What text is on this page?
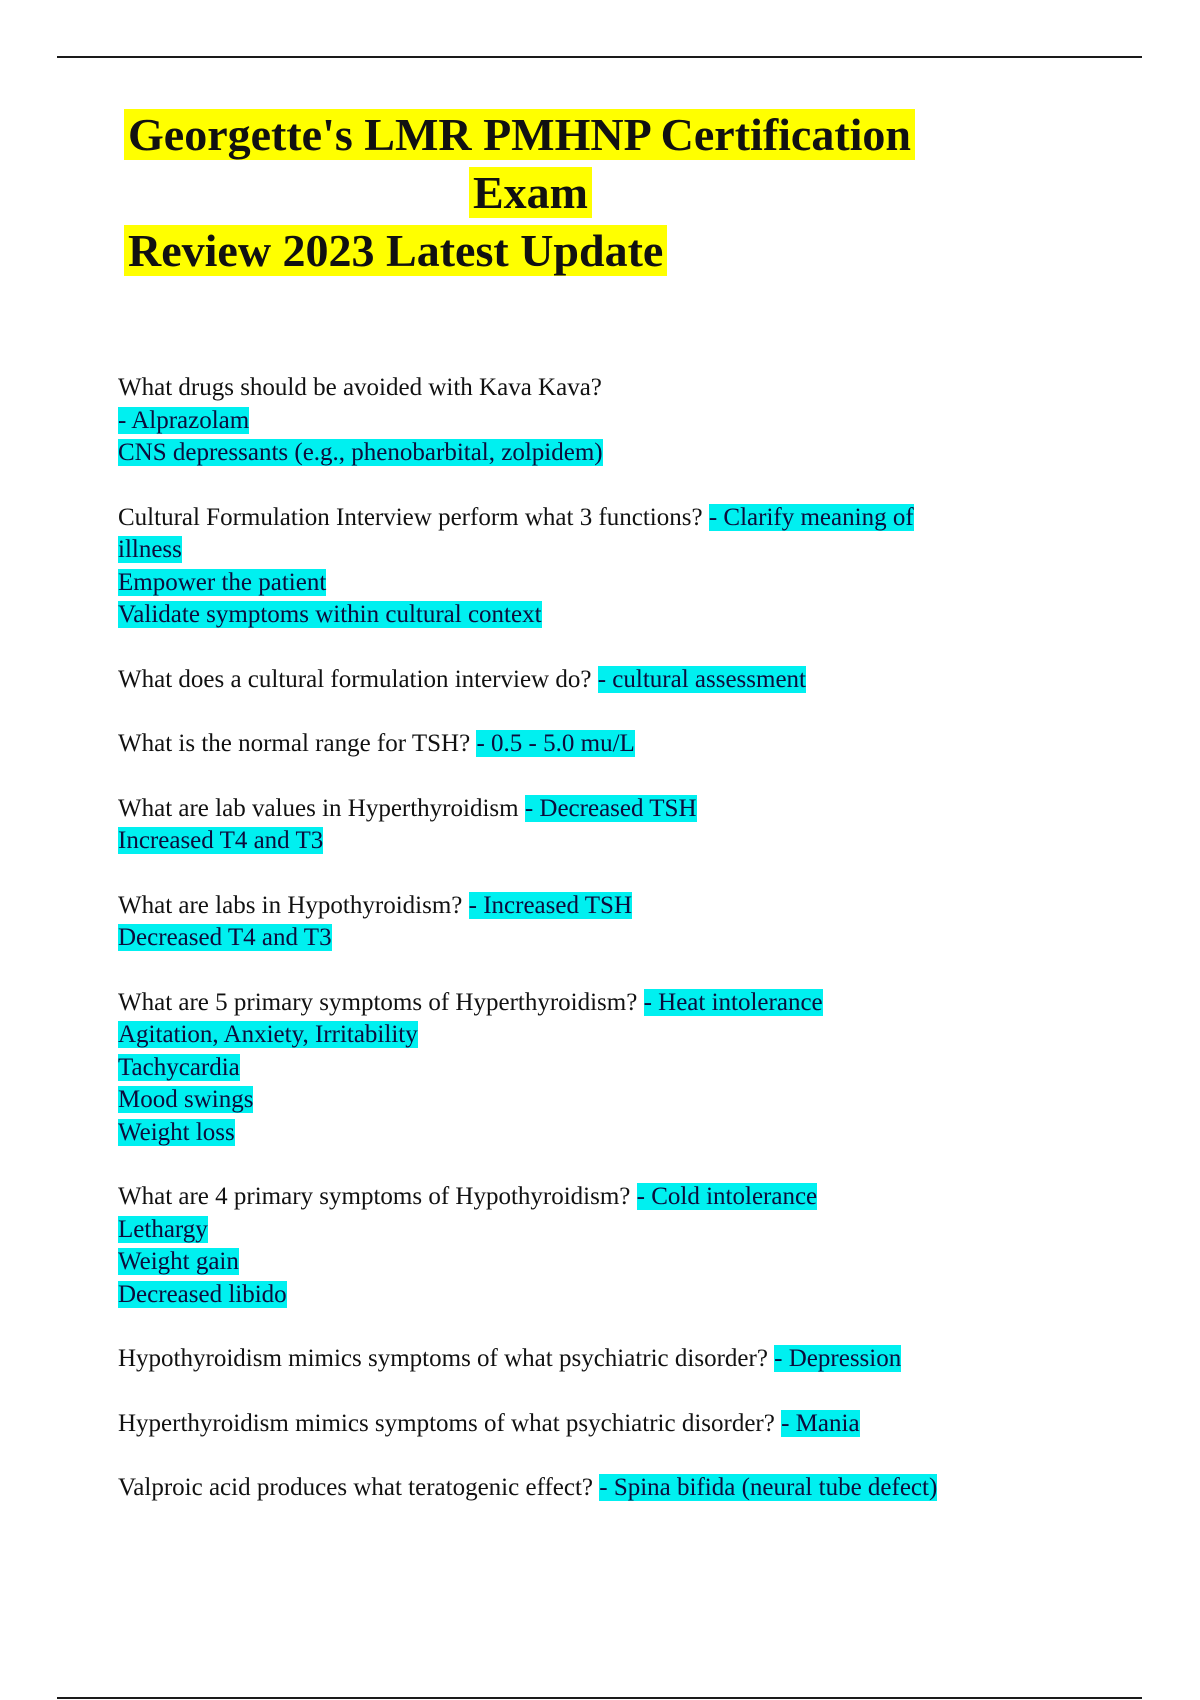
Georgette's LMR PMHNP Certification
Exam
Review 2023 Latest Update
What drugs should be avoided with Kava Kava?
- Alprazolam
CNS depressants (e.g., phenobarbital, zolpidem)
Cultural Formulation Interview perform what 3 functions? - Clarify meaning of
illness
Empower the patient
Validate symptoms within cultural context
What does a cultural formulation interview do? - cultural assessment
What is the normal range for TSH? - 0.5 - 5.0 mu/L
What are lab values in Hyperthyroidism - Decreased TSH
Increased T4 and T3
What are labs in Hypothyroidism? - Increased TSH
Decreased T4 and T3
What are 5 primary symptoms of Hyperthyroidism? - Heat intolerance
Agitation, Anxiety, Irritability
Tachycardia
Mood swings
Weight loss
What are 4 primary symptoms of Hypothyroidism? - Cold intolerance
Lethargy
Weight gain
Decreased libido
Hypothyroidism mimics symptoms of what psychiatric disorder? - Depression
Hyperthyroidism mimics symptoms of what psychiatric disorder? - Mania
Valproic acid produces what teratogenic effect? - Spina bifida (neural tube defect)
